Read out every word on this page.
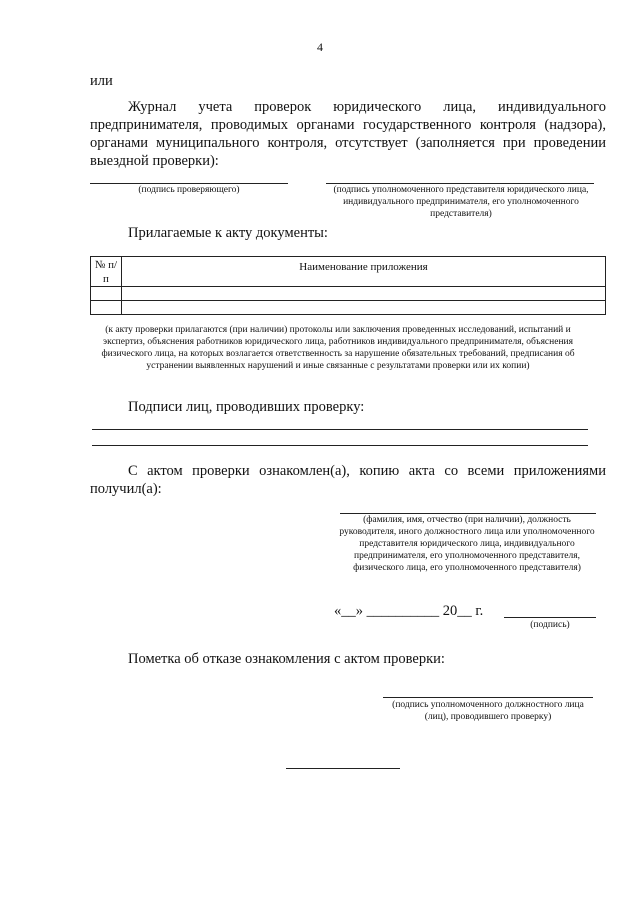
4
или
Журнал учета проверок юридического лица, индивидуального предпринимателя, проводимых органами государственного контроля (надзора), органами муниципального контроля, отсутствует (заполняется при проведении выездной проверки):
(подпись проверяющего)	(подпись уполномоченного представителя юридического лица, индивидуального предпринимателя, его уполномоченного представителя)
Прилагаемые к акту документы:
№ п/п	Наименование приложения

(к акту проверки прилагаются (при наличии) протоколы или заключения проведенных исследований, испытаний и экспертиз, объяснения работников юридического лица, работников индивидуального предпринимателя, объяснения физического лица, на которых возлагается ответственность за нарушение обязательных требований, предписания об устранении выявленных нарушений и иные связанные с результатами проверки или их копии)
Подписи лиц, проводивших проверку:
С актом проверки ознакомлен(а), копию акта со всеми приложениями получил(а):
(фамилия, имя, отчество (при наличии), должность руководителя, иного должностного лица или уполномоченного представителя юридического лица, индивидуального предпринимателя, его уполномоченного представителя, физического лица, его уполномоченного представителя)
«__» __________ 20__ г.
(подпись)
Пометка об отказе ознакомления с актом проверки:
(подпись уполномоченного должностного лица (лиц), проводившего проверку)
